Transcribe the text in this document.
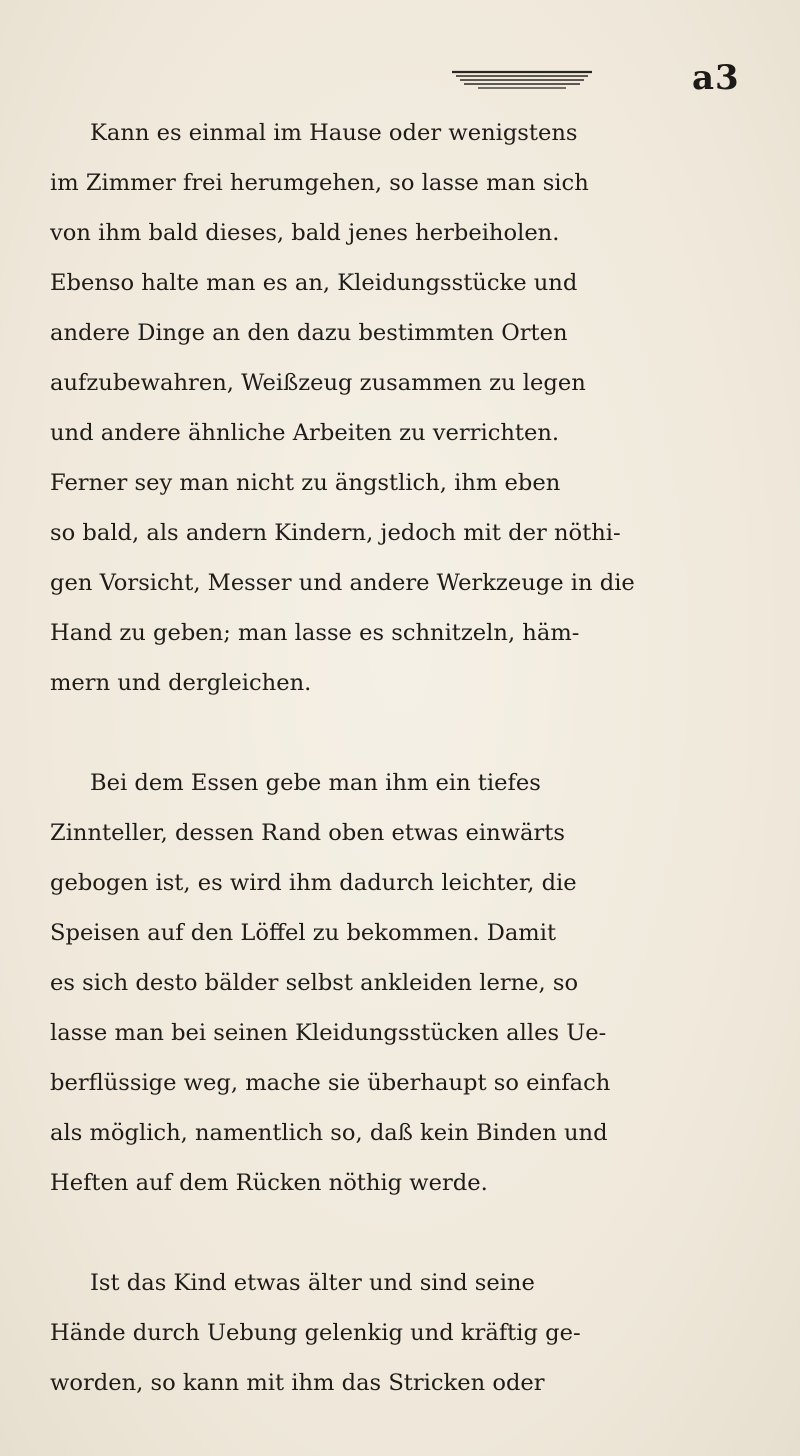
a3
Kann es einmal im Hause oder wenigstens
im Zimmer frei herumgehen, so lasse man sich
von ihm bald dieses, bald jenes herbeiholen.
Ebenso halte man es an, Kleidungsstücke und
andere Dinge an den dazu bestimmten Orten
aufzubewahren, Weißzeug zusammen zu legen
und andere ähnliche Arbeiten zu verrichten.
Ferner sey man nicht zu ängstlich, ihm eben
so bald, als andern Kindern, jedoch mit der nöthi-
gen Vorsicht, Messer und andere Werkzeuge in die
Hand zu geben; man lasse es schnitzeln, häm-
mern und dergleichen.
Bei dem Essen gebe man ihm ein tiefes
Zinnteller, dessen Rand oben etwas einwärts
gebogen ist, es wird ihm dadurch leichter, die
Speisen auf den Löffel zu bekommen. Damit
es sich desto bälder selbst ankleiden lerne, so
lasse man bei seinen Kleidungsstücken alles Ue-
berflüssige weg, mache sie überhaupt so einfach
als möglich, namentlich so, daß kein Binden und
Heften auf dem Rücken nöthig werde.
Ist das Kind etwas älter und sind seine
Hände durch Uebung gelenkig und kräftig ge-
worden, so kann mit ihm das Stricken oder
